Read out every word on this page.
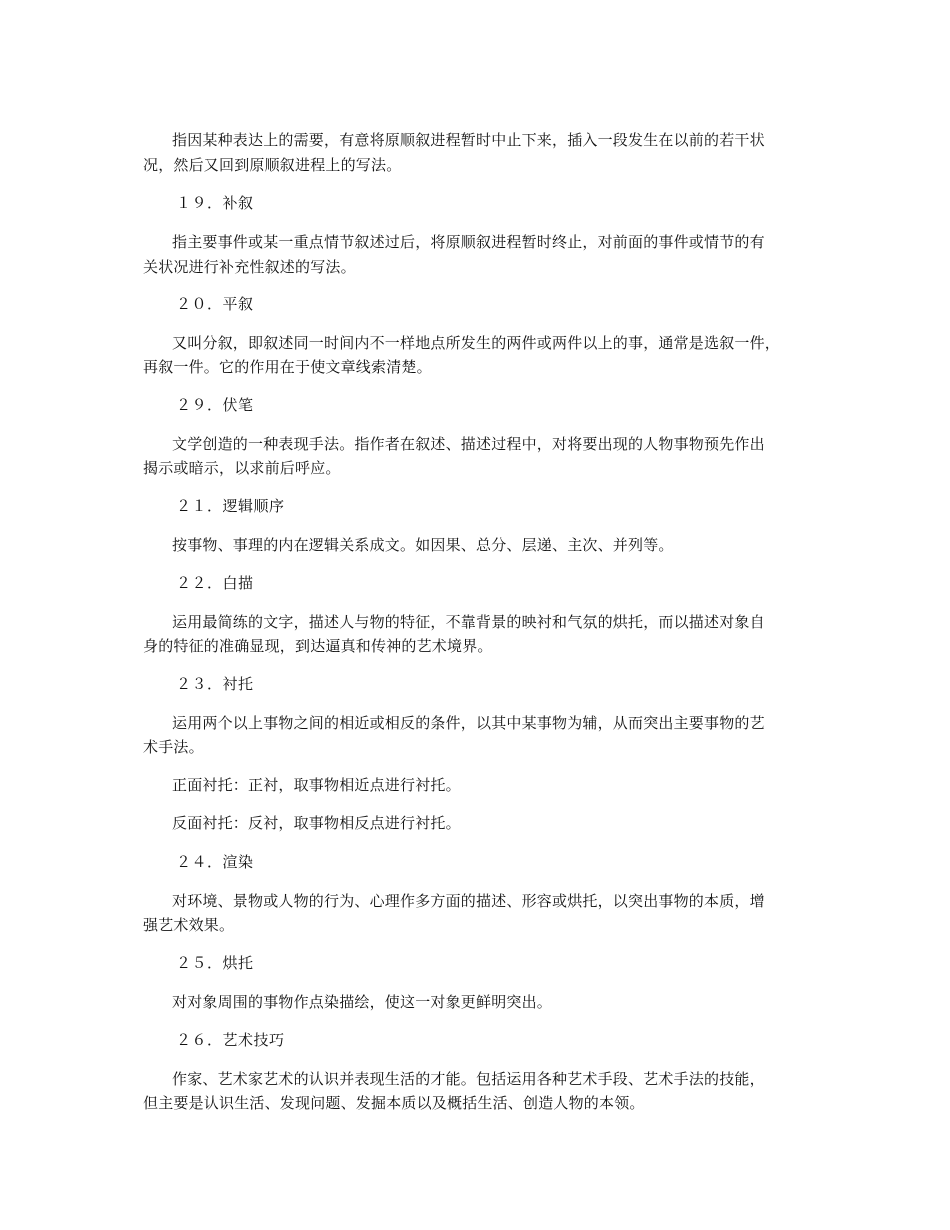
指因某种表达上的需要，有意将原顺叙进程暂时中止下来，插入一段发生在以前的若干状
况，然后又回到原顺叙进程上的写法。
１９．补叙
指主要事件或某一重点情节叙述过后，将原顺叙进程暂时终止，对前面的事件或情节的有
关状况进行补充性叙述的写法。
２０．平叙
又叫分叙，即叙述同一时间内不一样地点所发生的两件或两件以上的事，通常是选叙一件，
再叙一件。它的作用在于使文章线索清楚。
２９．伏笔
文学创造的一种表现手法。指作者在叙述、描述过程中，对将要出现的人物事物预先作出
揭示或暗示，以求前后呼应。
２１．逻辑顺序
按事物、事理的内在逻辑关系成文。如因果、总分、层递、主次、并列等。
２２．白描
运用最简练的文字，描述人与物的特征，不靠背景的映衬和气氛的烘托，而以描述对象自
身的特征的准确显现，到达逼真和传神的艺术境界。
２３．衬托
运用两个以上事物之间的相近或相反的条件，以其中某事物为辅，从而突出主要事物的艺
术手法。
正面衬托：正衬，取事物相近点进行衬托。
反面衬托：反衬，取事物相反点进行衬托。
２４．渲染
对环境、景物或人物的行为、心理作多方面的描述、形容或烘托，以突出事物的本质，增
强艺术效果。
２５．烘托
对对象周围的事物作点染描绘，使这一对象更鲜明突出。
２６．艺术技巧
作家、艺术家艺术的认识并表现生活的才能。包括运用各种艺术手段、艺术手法的技能，
但主要是认识生活、发现问题、发掘本质以及概括生活、创造人物的本领。
